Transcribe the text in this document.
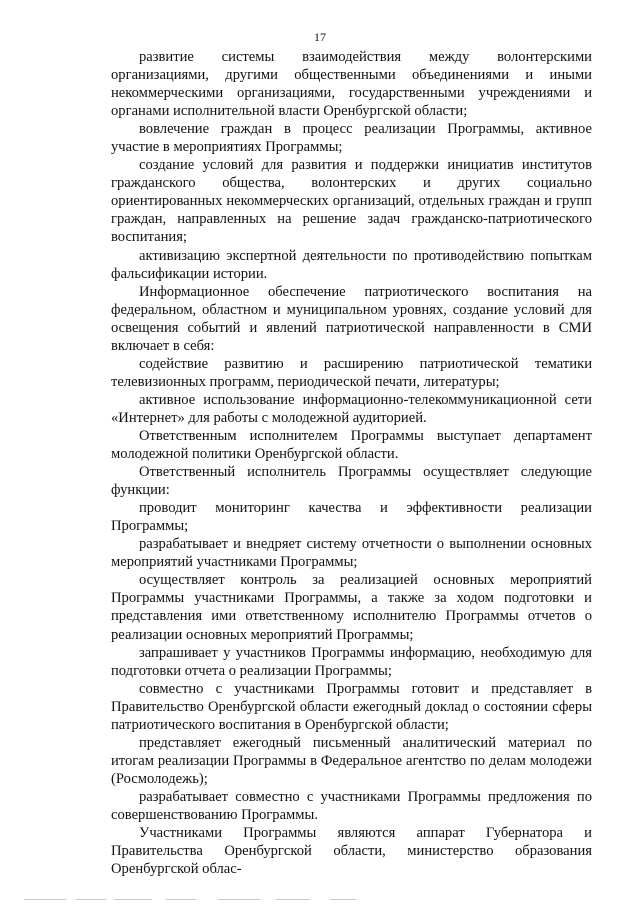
17

развитие системы взаимодействия между волонтерскими организациями, другими общественными объединениями и иными некоммерческими организациями, государственными учреждениями и органами исполнительной власти Оренбургской области;

вовлечение граждан в процесс реализации Программы, активное участие в мероприятиях Программы;

создание условий для развития и поддержки инициатив институтов гражданского общества, волонтерских и других социально ориентированных некоммерческих организаций, отдельных граждан и групп граждан, направленных на решение задач гражданско-патриотического воспитания;

активизацию экспертной деятельности по противодействию попыткам фальсификации истории.

Информационное обеспечение патриотического воспитания на федеральном, областном и муниципальном уровнях, создание условий для освещения событий и явлений патриотической направленности в СМИ включает в себя:

содействие развитию и расширению патриотической тематики телевизионных программ, периодической печати, литературы;

активное использование информационно-телекоммуникационной сети «Интернет» для работы с молодежной аудиторией.

Ответственным исполнителем Программы выступает департамент молодежной политики Оренбургской области.

Ответственный исполнитель Программы осуществляет следующие функции:

проводит мониторинг качества и эффективности реализации Программы;

разрабатывает и внедряет систему отчетности о выполнении основных мероприятий участниками Программы;

осуществляет контроль за реализацией основных мероприятий Программы участниками Программы, а также за ходом подготовки и представления ими ответственному исполнителю Программы отчетов о реализации основных мероприятий Программы;

запрашивает у участников Программы информацию, необходимую для подготовки отчета о реализации Программы;

совместно с участниками Программы готовит и представляет в Правительство Оренбургской области ежегодный доклад о состоянии сферы патриотического воспитания в Оренбургской области;

представляет ежегодный письменный аналитический материал по итогам реализации Программы в Федеральное агентство по делам молодежи (Росмолодежь);

разрабатывает совместно с участниками Программы предложения по совершенствованию Программы.

Участниками Программы являются аппарат Губернатора и Правительства Оренбургской области, министерство образования Оренбургской облас-
